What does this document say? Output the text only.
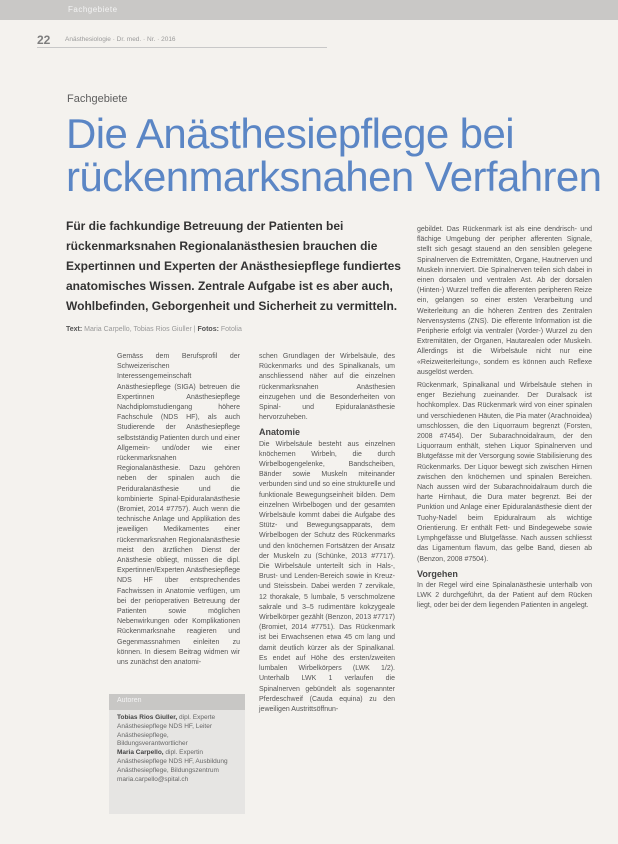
Fachgebiete
22 Anästhesiologie · Dr. med. · Nr. · 2016
Fachgebiete
Die Anästhesiepflege bei
rückenmarksnahen Verfahren
Für die fachkundige Betreuung der Patienten bei rückenmarksnahen Regionalanästhesien brauchen die Expertinnen und Experten der Anästhesiepflege fundiertes anatomisches Wissen. Zentrale Aufgabe ist es aber auch, Wohlbefinden, Geborgenheit und Sicherheit zu vermitteln.
Text: Maria Carpello, Tobias Rios Giuller | Fotos: Fotolia

Gemäss dem Berufsprofil der Schweizerischen Interessengemeinschaft Anästhesiepflege (SIGA) betreuen die Expertinnen Anästhesiepflege Nachdiplomstudiengang höhere Fachschule (NDS HF), als auch Studierende der Anästhesiepflege selbstständig Patienten durch und einer Allgemein- und/oder wie einer rückenmarksnahen Regionalanästhesie. Dazu gehören neben der spinalen auch die Periduralanästhesie und die kombinierte Spinal-Epiduralanästhesie (Bromiet, 2014 #7757). Auch wenn die technische Anlage und Applikation des jeweiligen Medikamentes einer rückenmarksnahen Regionalanästhesie meist den ärztlichen Dienst der Anästhesie obliegt, müssen die dipl. Expertinnen/Experten Anästhesiepflege NDS HF über entsprechendes Fachwissen in Anatomie verfügen, um bei der perioperativen Betreuung der Patienten sowie möglichen Nebenwirkungen oder Komplikationen Rückenmarksnahe reagieren und Gegenmassnahmen einleiten zu können. In diesem Beitrag widmen wir uns zunächst den anatomi-

schen Grundlagen der Wirbelsäule, des Rückenmarks und des Spinalkanals, um anschliessend näher auf die einzelnen rückenmarksnahen Anästhesien einzugehen und die Besonderheiten von Spinal- und Epiduralanästhesie hervorzuheben.

Anatomie

Die Wirbelsäule besteht aus einzelnen knöchernen Wirbeln, die durch Wirbelbogengelenke, Bandscheiben, Bänder sowie Muskeln miteinander verbunden sind und so eine strukturelle und funktionale Bewegungseinheit bilden. Dem einzelnen Wirbelbogen und der gesamten Wirbelsäule kommt dabei die Aufgabe des Stütz- und Bewegungsapparats, dem Wirbelbogen der Schutz des Rückenmarks und den knöchernen Fortsätzen der Ansatz der Muskeln zu (Schünke, 2013 #7717). Die Wirbelsäule unterteilt sich in Hals-, Brust- und Lenden-Bereich sowie in Kreuz- und Steissbein. Dabei werden 7 zervikale, 12 thorakale, 5 lumbale, 5 verschmolzene sakrale und 3–5 rudimentäre kokzygeale Wirbelkörper gezählt (Benzon, 2013 #7717) (Bromiet, 2014 #7751). Das Rückenmark ist bei Erwachsenen etwa 45 cm lang und damit deutlich kürzer als der Spinalkanal. Es endet auf Höhe des ersten/zweiten lumbalen Wirbelkörpers (LWK 1/2). Unterhalb LWK 1 verlaufen die Spinalnerven gebündelt als sogenannter Pferdeschweif (Cauda equina) zu den jeweiligen Austrittsöffnun-

gebildet. Das Rückenmark ist als eine dendrisch- und flächige Umgebung der peripher afferenten Signale, stellt sich gesagt stauend an den sensiblen gelegene Spinalnerven die Extremitäten, Organe, Hautnerven und Muskeln innerviert. Die Spinalnerven teilen sich dabei in einen dorsalen und ventralen Ast. Ab der dorsalen (Hinten-) Wurzel treffen die afferenten peripheren Reize ein, gelangen so einer ersten Verarbeitung und Weiterleitung an die höheren Zentren des Zentralen Nervensystems (ZNS). Die efferente Information ist die Peripherie erfolgt via ventraler (Vorder-) Wurzel zu den Extremitäten, der Organen, Hautarealen oder Muskeln. Allerdings ist die Wirbelsäule nicht nur eine «Reizweiterleitung», sondern es können auch Reflexe ausgelöst werden.

Rückenmark, Spinalkanal und Wirbelsäule stehen in enger Beziehung zueinander. Der Duralsack ist hochkomplex. Das Rückenmark wird von einer spinalen und verschiedenen Häuten, die Pia mater (Arachnoidea) umschlossen, die den Liquorraum begrenzt (Forsten, 2008 #7454). Der Subarachnoidalraum, der den Liquorraum enthält, stehen Liquor Spinalnerven und Blutgefässe mit der Versorgung sowie Stabilisierung des Rückenmarks. Der Liquor bewegt sich zwischen Hirnen zwischen den knöchernen und spinalen Bereichen. Nach aussen wird der Subarachnoidalraum durch die harte Hirnhaut, die Dura mater begrenzt. Bei der Punktion und Anlage einer Epiduralanästhesie dient der Tuohy-Nadel beim Epiduralraum als wichtige Orientierung. Er enthält Fett- und Bindegewebe sowie Lymphgefässe und Blutgefässe. Nach aussen schliesst das Ligamentum flavum, das gelbe Band, diesen ab (Benzon, 2008 #7504).

Vorgehen

In der Regel wird eine Spinalanästhesie unterhalb von LWK 2 durchgeführt, da der Patient auf dem Rücken liegt, oder bei der dem liegenden Patienten in angelegt.

Autoren
Tobias Rios Giuller, dipl. Experte Anästhesiepflege NDS HF, Leiter Anästhesiepflege, Bildungsverantwortlicher
Maria Carpello, dipl. Expertin Anästhesiepflege NDS HF, Ausbildung Anästhesiepflege, Bildungszentrum
maria.carpello@spital.ch
